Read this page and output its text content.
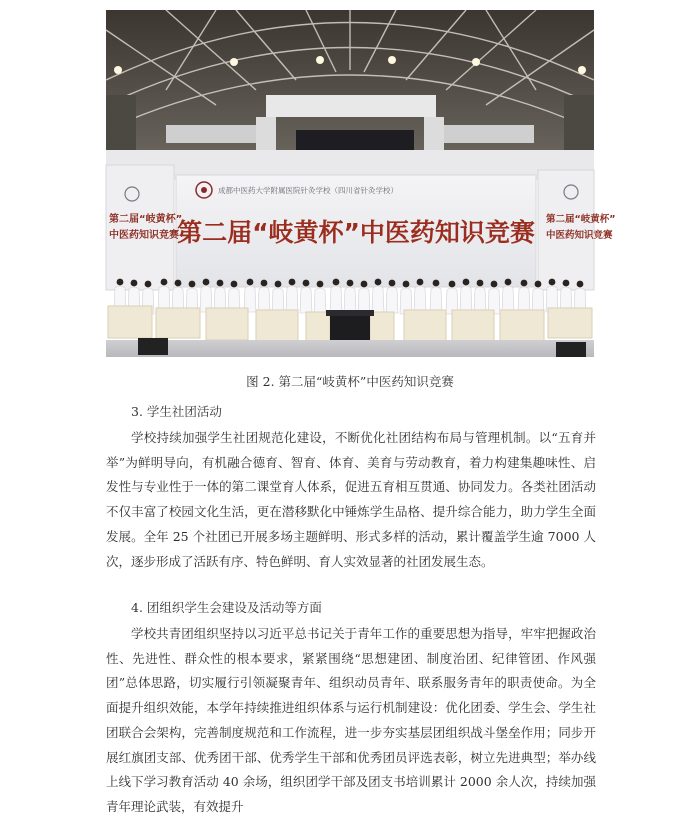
成都中医药大学附属医院针灸学校（四川省针灸学校）
第二届“岐黄杯”中医药知识竞赛
第二届“岐黄杯”
中医药知识竞赛
第二届“岐黄杯”
中医药知识竞赛
图 2. 第二届“岐黄杯”中医药知识竞赛
3. 学生社团活动

学校持续加强学生社团规范化建设，不断优化社团结构布局与管理机制。以“五育并举”为鲜明导向，有机融合德育、智育、体育、美育与劳动教育，着力构建集趣味性、启发性与专业性于一体的第二课堂育人体系，促进五育相互贯通、协同发力。各类社团活动不仅丰富了校园文化生活，更在潜移默化中锤炼学生品格、提升综合能力，助力学生全面发展。全年 25 个社团已开展多场主题鲜明、形式多样的活动，累计覆盖学生逾 7000 人次，逐步形成了活跃有序、特色鲜明、育人实效显著的社团发展生态。

4. 团组织学生会建设及活动等方面

学校共青团组织坚持以习近平总书记关于青年工作的重要思想为指导，牢牢把握政治性、先进性、群众性的根本要求，紧紧围绕“思想建团、制度治团、纪律管团、作风强团”总体思路，切实履行引领凝聚青年、组织动员青年、联系服务青年的职责使命。为全面提升组织效能，本学年持续推进组织体系与运行机制建设：优化团委、学生会、学生社团联合会架构，完善制度规范和工作流程，进一步夯实基层团组织战斗堡垒作用；同步开展红旗团支部、优秀团干部、优秀学生干部和优秀团员评选表彰，树立先进典型；举办线上线下学习教育活动 40 余场，组织团学干部及团支书培训累计 2000 余人次，持续加强青年理论武装，有效提升
